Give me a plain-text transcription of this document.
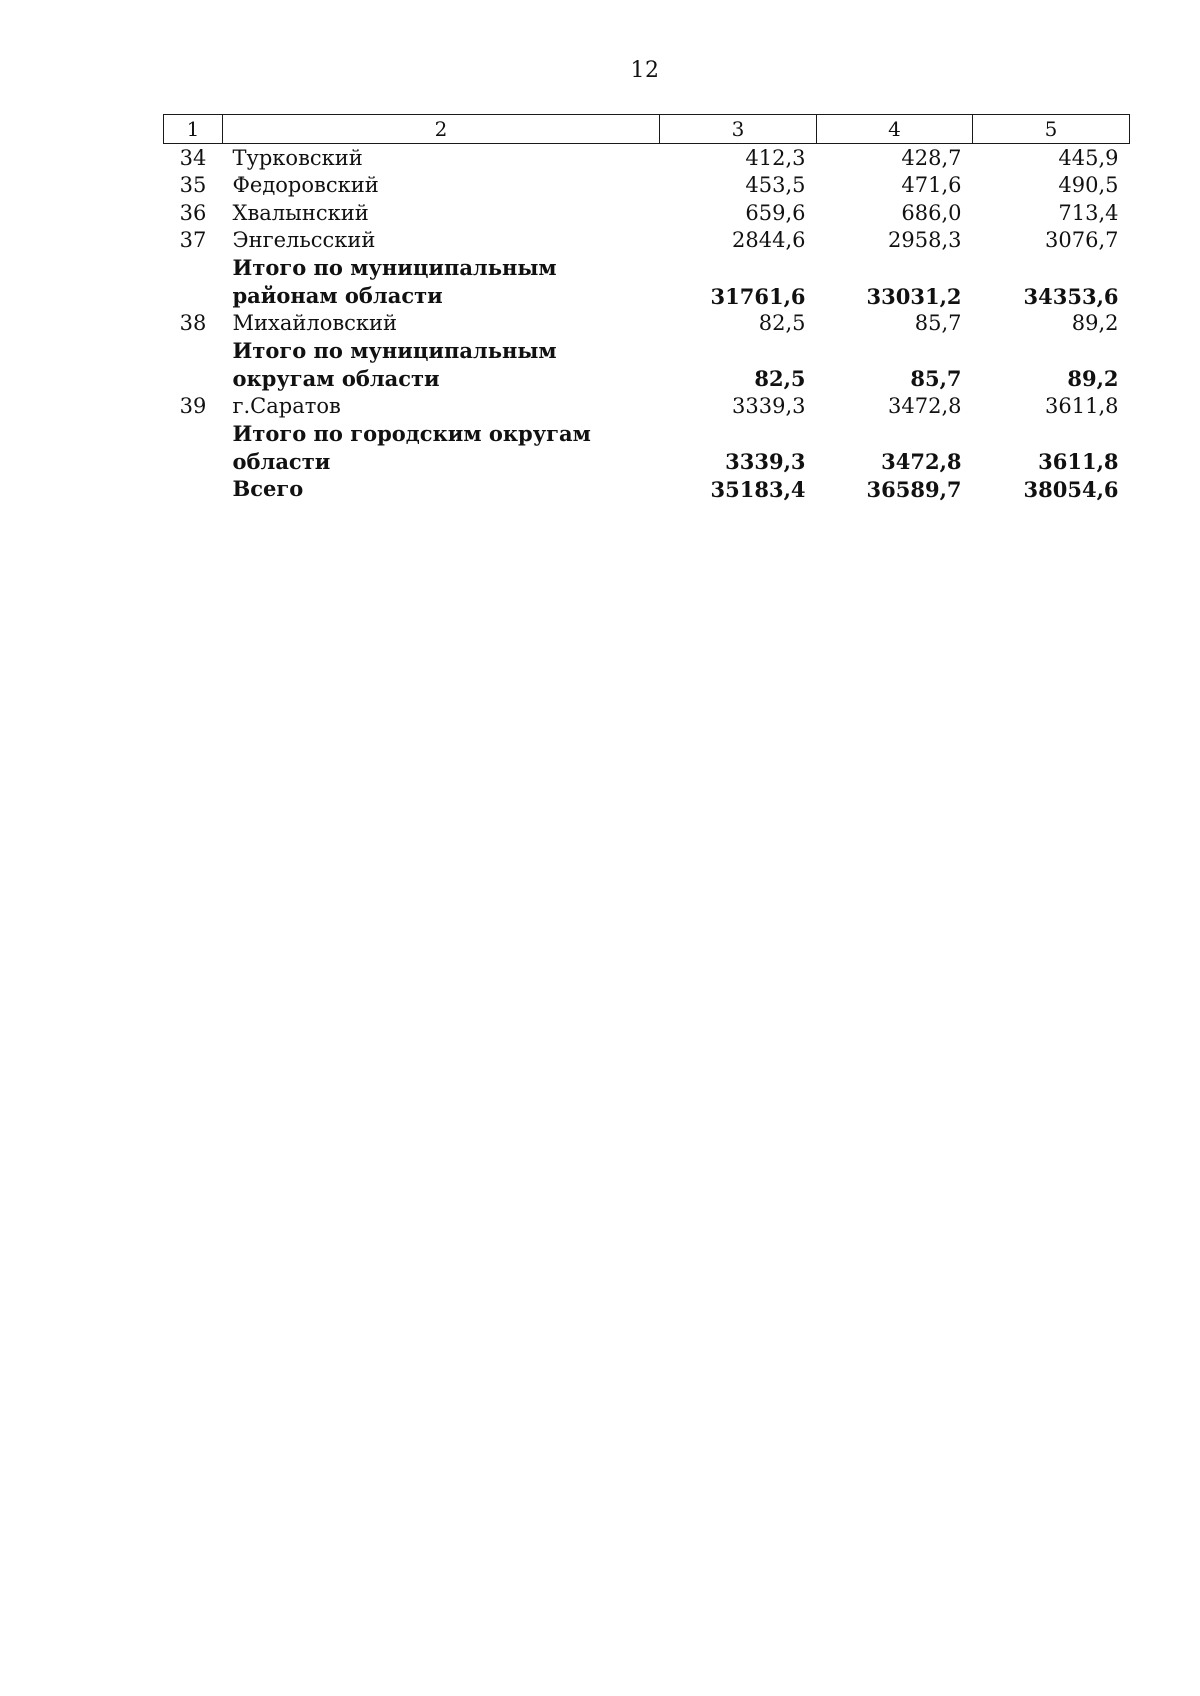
12
1	2	3	4	5
34	Турковский	412,3	428,7	445,9
35	Федоровский	453,5	471,6	490,5
36	Хвалынский	659,6	686,0	713,4
37	Энгельсский	2844,6	2958,3	3076,7
	Итого по муниципальным районам области	31761,6	33031,2	34353,6
38	Михайловский	82,5	85,7	89,2
	Итого по муниципальным округам области	82,5	85,7	89,2
39	г.Саратов	3339,3	3472,8	3611,8
	Итого по городским округам области	3339,3	3472,8	3611,8
	Всего	35183,4	36589,7	38054,6
